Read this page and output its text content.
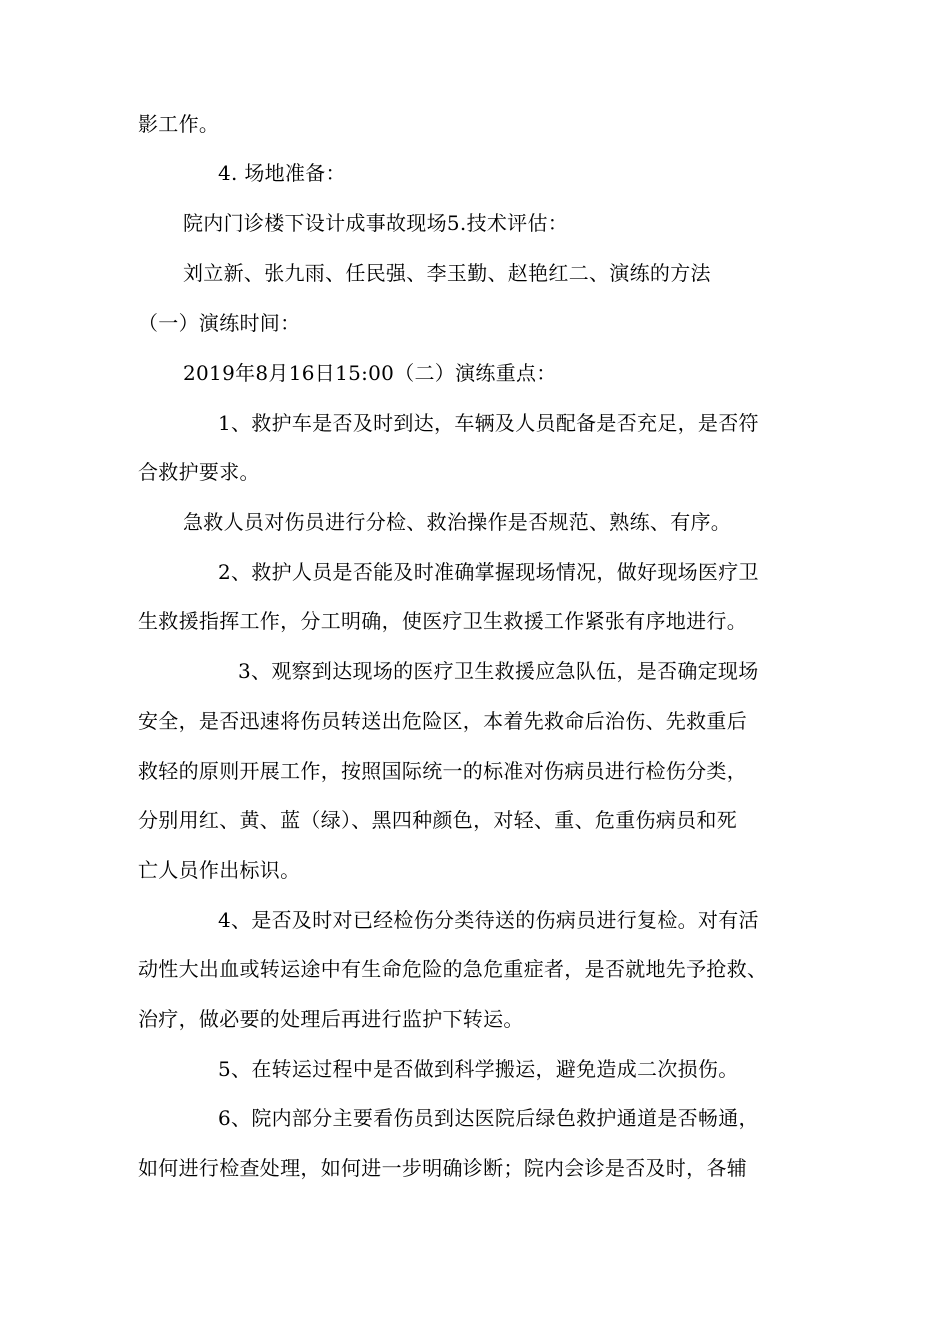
影工作。
4. 场地准备：
院内门诊楼下设计成事故现场5.技术评估：
刘立新、张九雨、任民强、李玉勤、赵艳红二、演练的方法
（一）演练时间：
2019年8月16日15:00（二）演练重点：
1、救护车是否及时到达，车辆及人员配备是否充足，是否符
合救护要求。
急救人员对伤员进行分检、救治操作是否规范、熟练、有序。
2、救护人员是否能及时准确掌握现场情况，做好现场医疗卫
生救援指挥工作，分工明确，使医疗卫生救援工作紧张有序地进行。
3、观察到达现场的医疗卫生救援应急队伍，是否确定现场
安全，是否迅速将伤员转送出危险区，本着先救命后治伤、先救重后
救轻的原则开展工作，按照国际统一的标准对伤病员进行检伤分类，
分别用红、黄、蓝（绿）、黑四种颜色，对轻、重、危重伤病员和死
亡人员作出标识。
4、是否及时对已经检伤分类待送的伤病员进行复检。对有活
动性大出血或转运途中有生命危险的急危重症者，是否就地先予抢救、
治疗，做必要的处理后再进行监护下转运。
5、在转运过程中是否做到科学搬运，避免造成二次损伤。
6、院内部分主要看伤员到达医院后绿色救护通道是否畅通，
如何进行检查处理，如何进一步明确诊断；院内会诊是否及时，各辅
